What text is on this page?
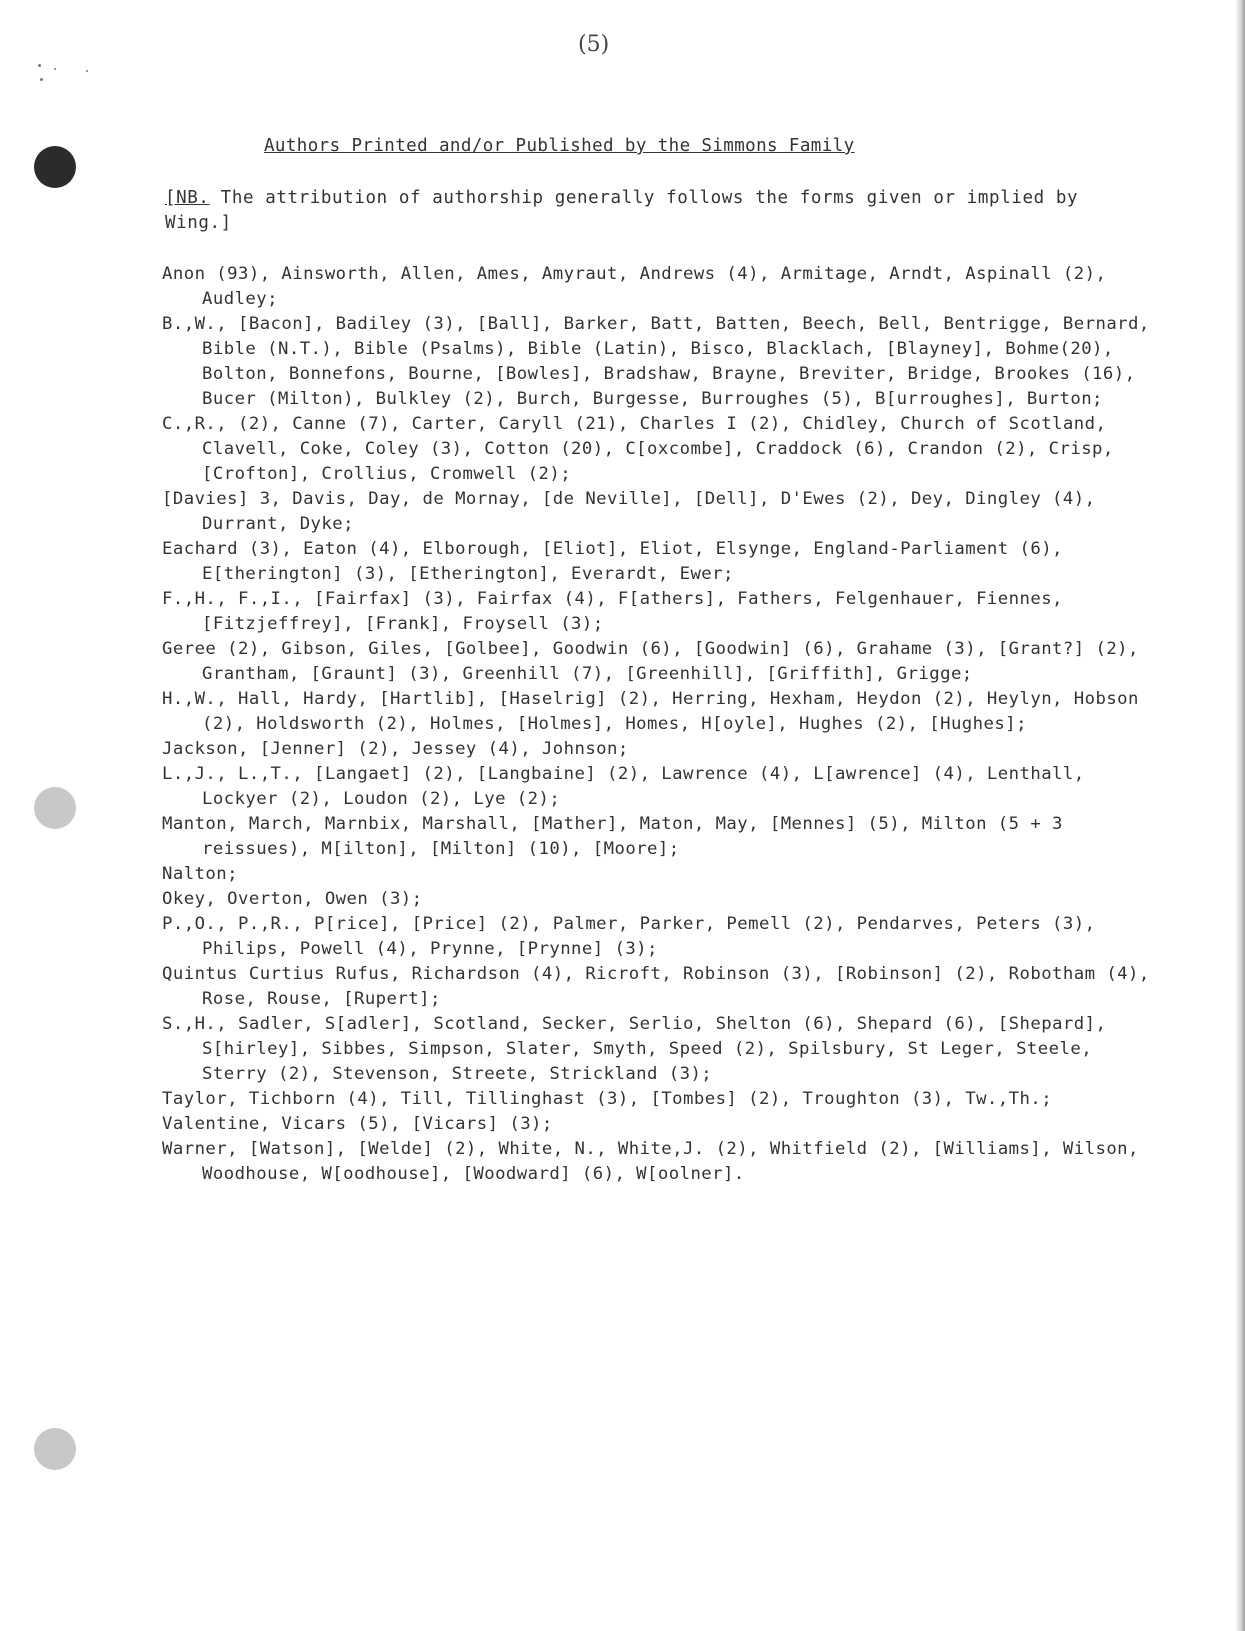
(5)
Authors Printed and/or Published by the Simmons Family
[NB. The attribution of authorship generally follows the forms given or implied by Wing.]
Anon (93), Ainsworth, Allen, Ames, Amyraut, Andrews (4), Armitage, Arndt, Aspinall (2), Audley;
B.,W., [Bacon], Badiley (3), [Ball], Barker, Batt, Batten, Beech, Bell, Bentrigge, Bernard, Bible (N.T.), Bible (Psalms), Bible (Latin), Bisco, Blacklach, [Blayney], Bohme(20), Bolton, Bonnefons, Bourne, [Bowles], Bradshaw, Brayne, Breviter, Bridge, Brookes (16), Bucer (Milton), Bulkley (2), Burch, Burgesse, Burroughes (5), B[urroughes], Burton;
C.,R., (2), Canne (7), Carter, Caryll (21), Charles I (2), Chidley, Church of Scotland, Clavell, Coke, Coley (3), Cotton (20), C[oxcombe], Craddock (6), Crandon (2), Crisp, [Crofton], Crollius, Cromwell (2);
[Davies] 3, Davis, Day, de Mornay, [de Neville], [Dell], D'Ewes (2), Dey, Dingley (4), Durrant, Dyke;
Eachard (3), Eaton (4), Elborough, [Eliot], Eliot, Elsynge, England-Parliament (6), E[therington] (3), [Etherington], Everardt, Ewer;
F.,H., F.,I., [Fairfax] (3), Fairfax (4), F[athers], Fathers, Felgenhauer, Fiennes, [Fitzjeffrey], [Frank], Froysell (3);
Geree (2), Gibson, Giles, [Golbee], Goodwin (6), [Goodwin] (6), Grahame (3), [Grant?] (2), Grantham, [Graunt] (3), Greenhill (7), [Greenhill], [Griffith], Grigge;
H.,W., Hall, Hardy, [Hartlib], [Haselrig] (2), Herring, Hexham, Heydon (2), Heylyn, Hobson (2), Holdsworth (2), Holmes, [Holmes], Homes, H[oyle], Hughes (2), [Hughes];
Jackson, [Jenner] (2), Jessey (4), Johnson;
L.,J., L.,T., [Langaet] (2), [Langbaine] (2), Lawrence (4), L[awrence] (4), Lenthall, Lockyer (2), Loudon (2), Lye (2);
Manton, March, Marnbix, Marshall, [Mather], Maton, May, [Mennes] (5), Milton (5 + 3 reissues), M[ilton], [Milton] (10), [Moore];
Nalton;
Okey, Overton, Owen (3);
P.,O., P.,R., P[rice], [Price] (2), Palmer, Parker, Pemell (2), Pendarves, Peters (3), Philips, Powell (4), Prynne, [Prynne] (3);
Quintus Curtius Rufus, Richardson (4), Ricroft, Robinson (3), [Robinson] (2), Robotham (4), Rose, Rouse, [Rupert];
S.,H., Sadler, S[adler], Scotland, Secker, Serlio, Shelton (6), Shepard (6), [Shepard], S[hirley], Sibbes, Simpson, Slater, Smyth, Speed (2), Spilsbury, St Leger, Steele, Sterry (2), Stevenson, Streete, Strickland (3);
Taylor, Tichborn (4), Till, Tillinghast (3), [Tombes] (2), Troughton (3), Tw.,Th.;
Valentine, Vicars (5), [Vicars] (3);
Warner, [Watson], [Welde] (2), White, N., White,J. (2), Whitfield (2), [Williams], Wilson, Woodhouse, W[oodhouse], [Woodward] (6), W[oolner].
